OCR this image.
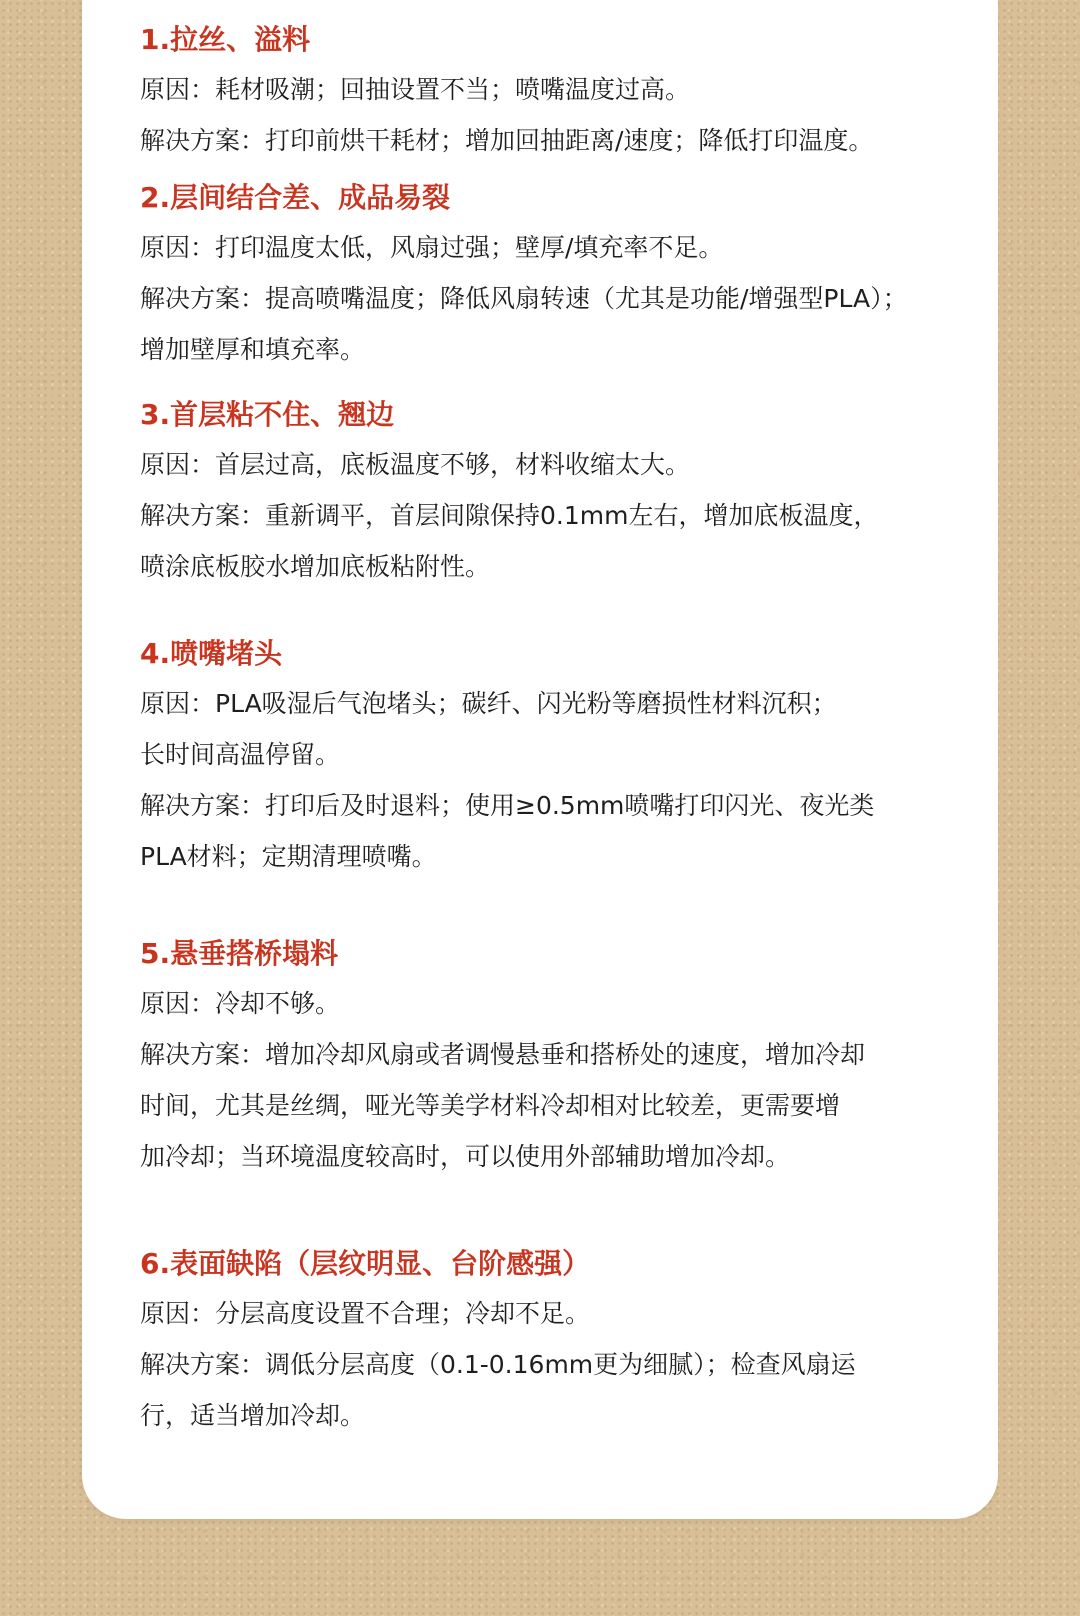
1.拉丝、溢料

原因：耗材吸潮；回抽设置不当；喷嘴温度过高。

解决方案：打印前烘干耗材；增加回抽距离/速度；降低打印温度。

2.层间结合差、成品易裂

原因：打印温度太低，风扇过强；壁厚/填充率不足。

解决方案：提高喷嘴温度；降低风扇转速（尤其是功能/增强型PLA）；

增加壁厚和填充率。

3.首层粘不住、翘边

原因：首层过高，底板温度不够，材料收缩太大。

解决方案：重新调平，首层间隙保持0.1mm左右，增加底板温度，

喷涂底板胶水增加底板粘附性。

4.喷嘴堵头

原因：PLA吸湿后气泡堵头；碳纤、闪光粉等磨损性材料沉积；

长时间高温停留。

解决方案：打印后及时退料；使用≥0.5mm喷嘴打印闪光、夜光类

PLA材料；定期清理喷嘴。

5.悬垂搭桥塌料

原因：冷却不够。

解决方案：增加冷却风扇或者调慢悬垂和搭桥处的速度，增加冷却

时间，尤其是丝绸，哑光等美学材料冷却相对比较差，更需要增

加冷却；当环境温度较高时，可以使用外部辅助增加冷却。

6.表面缺陷（层纹明显、台阶感强）

原因：分层高度设置不合理；冷却不足。

解决方案：调低分层高度（0.1-0.16mm更为细腻）；检查风扇运

行，适当增加冷却。
